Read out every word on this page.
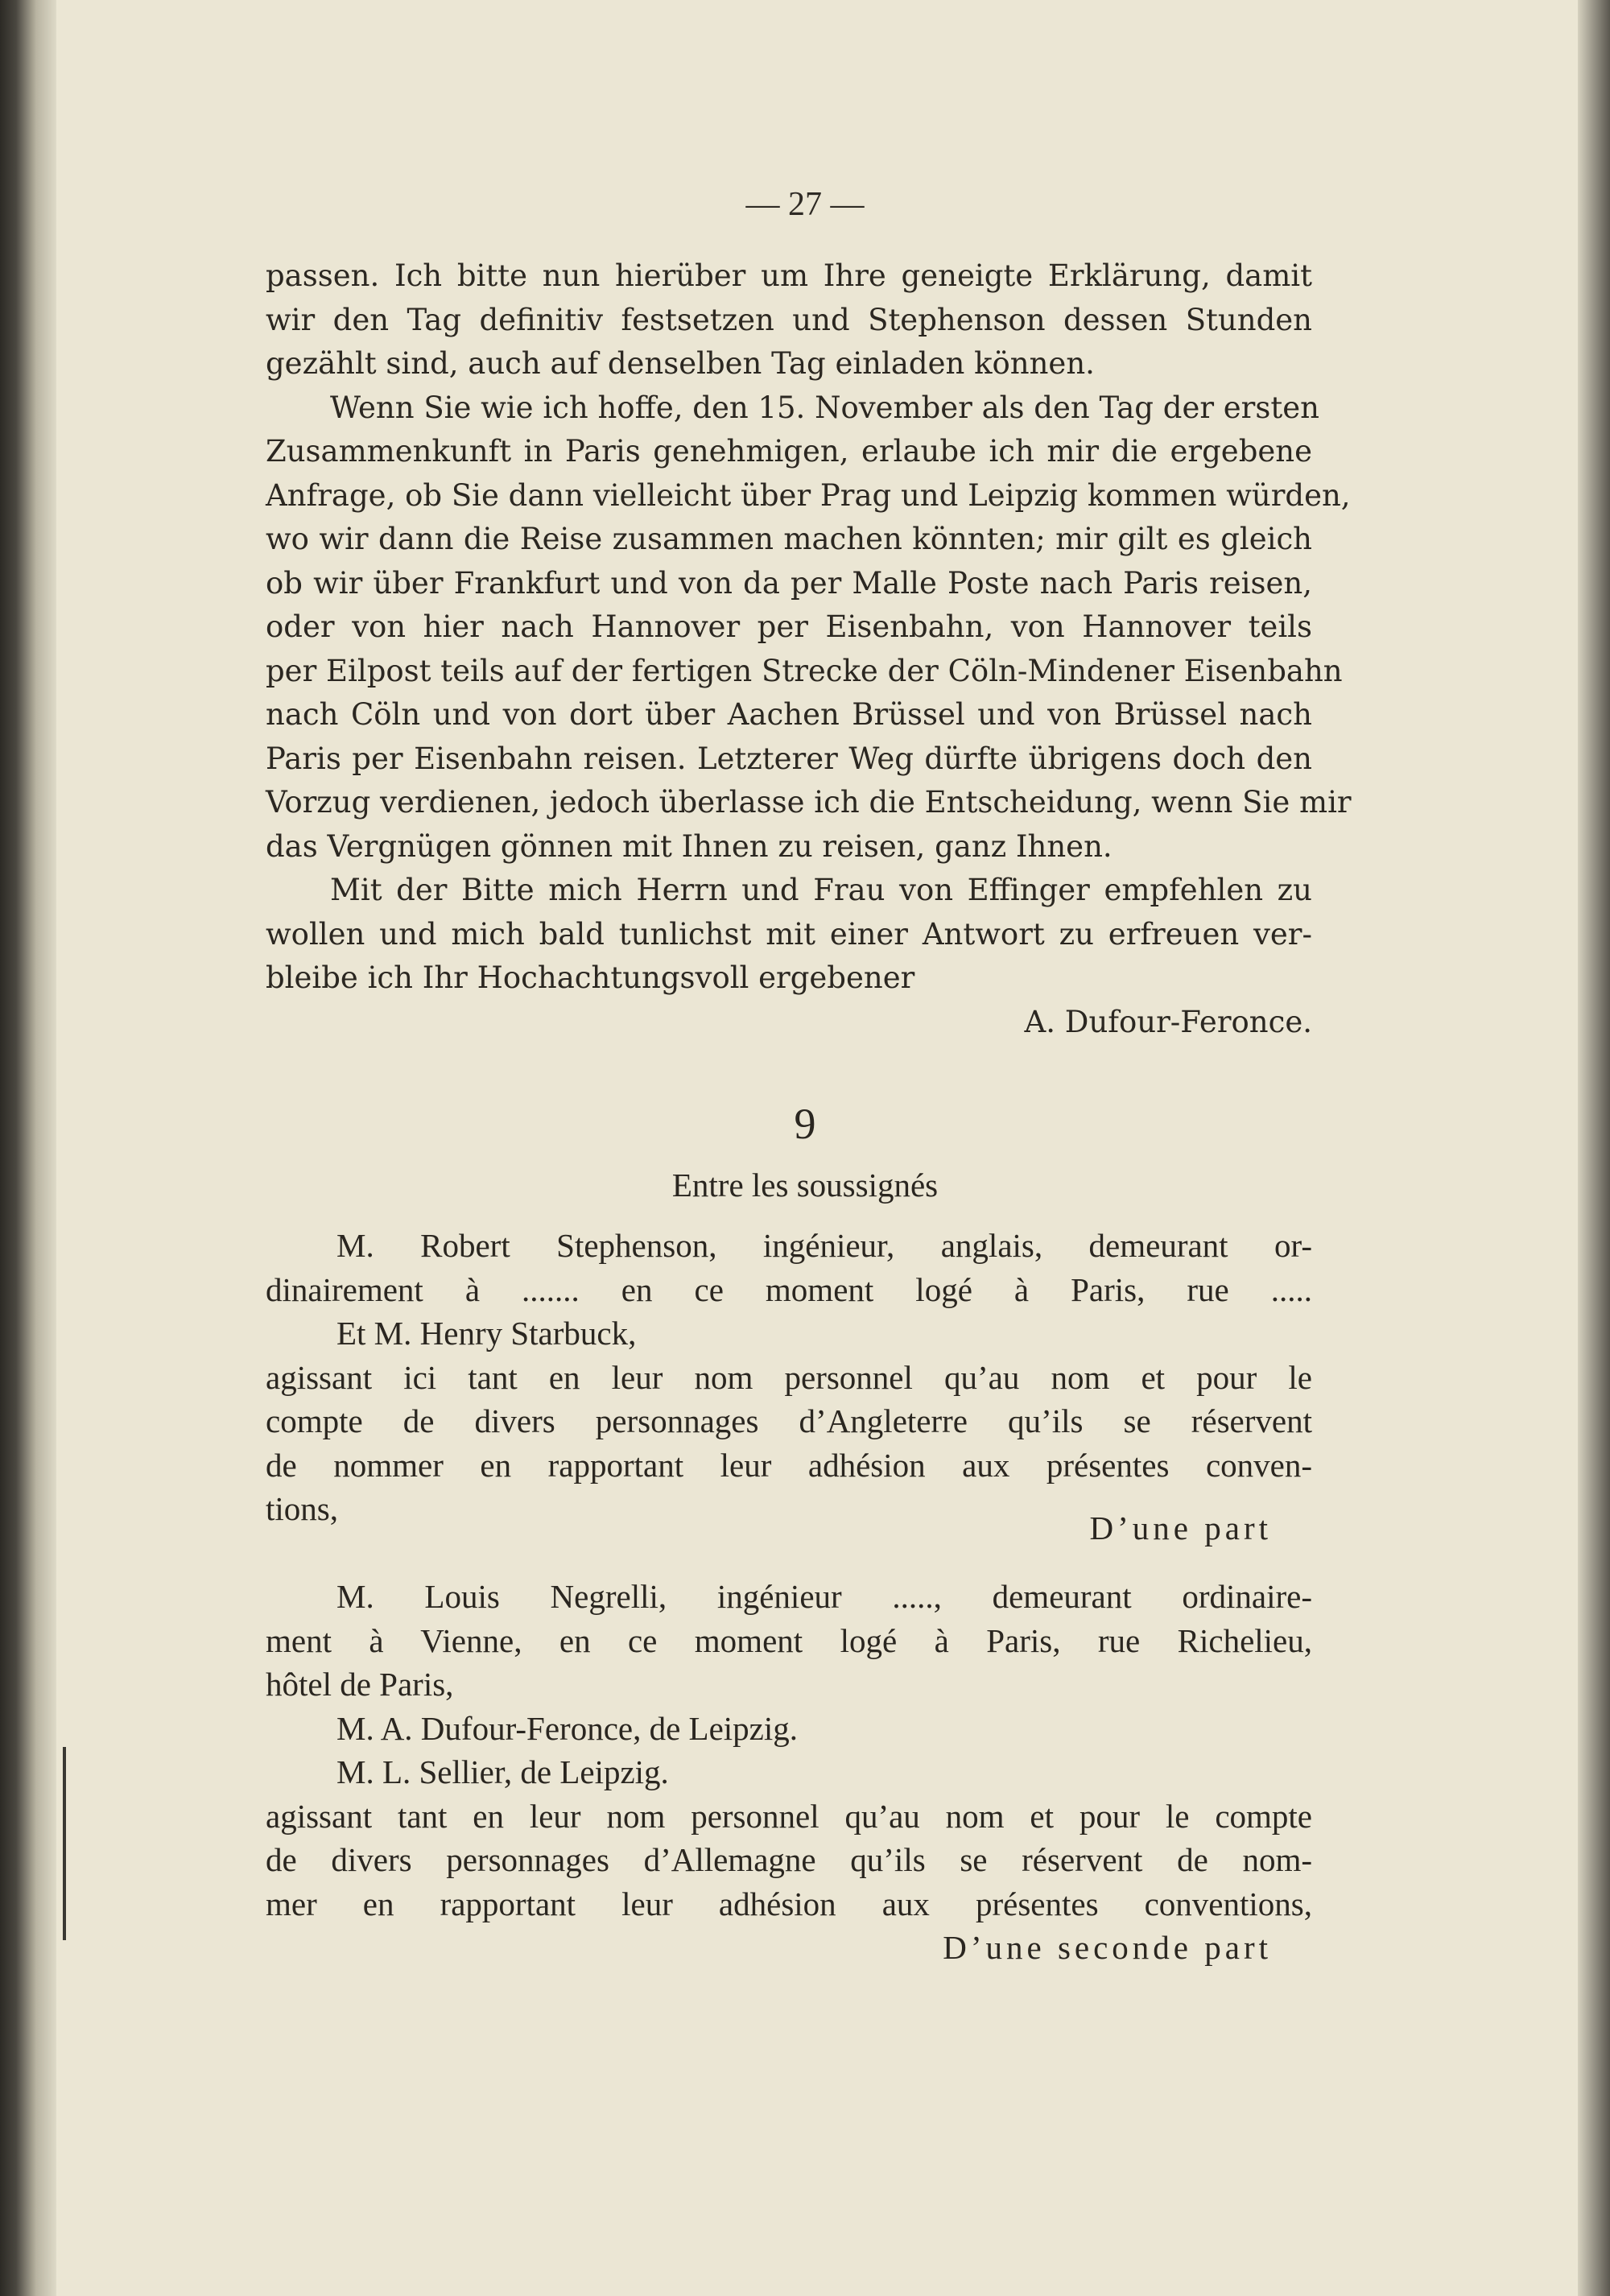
— 27 —
passen. Ich bitte nun hierüber um Ihre geneigte Erklärung, damit
wir den Tag definitiv festsetzen und Stephenson dessen Stunden
gezählt sind, auch auf denselben Tag einladen können.
Wenn Sie wie ich hoffe, den 15. November als den Tag der ersten
Zusammenkunft in Paris genehmigen, erlaube ich mir die ergebene
Anfrage, ob Sie dann vielleicht über Prag und Leipzig kommen würden,
wo wir dann die Reise zusammen machen könnten; mir gilt es gleich
ob wir über Frankfurt und von da per Malle Poste nach Paris reisen,
oder von hier nach Hannover per Eisenbahn, von Hannover teils
per Eilpost teils auf der fertigen Strecke der Cöln-Mindener Eisenbahn
nach Cöln und von dort über Aachen Brüssel und von Brüssel nach
Paris per Eisenbahn reisen. Letzterer Weg dürfte übrigens doch den
Vorzug verdienen, jedoch überlasse ich die Entscheidung, wenn Sie mir
das Vergnügen gönnen mit Ihnen zu reisen, ganz Ihnen.
Mit der Bitte mich Herrn und Frau von Effinger empfehlen zu
wollen und mich bald tunlichst mit einer Antwort zu erfreuen ver-
bleibe ich Ihr Hochachtungsvoll ergebener
A. Dufour-Feronce.
9
Entre les soussignés
M. Robert Stephenson, ingénieur, anglais, demeurant or-
dinairement à ....... en ce moment logé à Paris, rue .....
Et M. Henry Starbuck,
agissant ici tant en leur nom personnel qu’au nom et pour le
compte de divers personnages d’Angleterre qu’ils se réservent
de nommer en rapportant leur adhésion aux présentes conven-
tions,
D’une part
M. Louis Negrelli, ingénieur ....., demeurant ordinaire-
ment à Vienne, en ce moment logé à Paris, rue Richelieu,
hôtel de Paris,
M. A. Dufour-Feronce, de Leipzig.
M. L. Sellier, de Leipzig.
agissant tant en leur nom personnel qu’au nom et pour le compte
de divers personnages d’Allemagne qu’ils se réservent de nom-
mer en rapportant leur adhésion aux présentes conventions,
D’une seconde part
